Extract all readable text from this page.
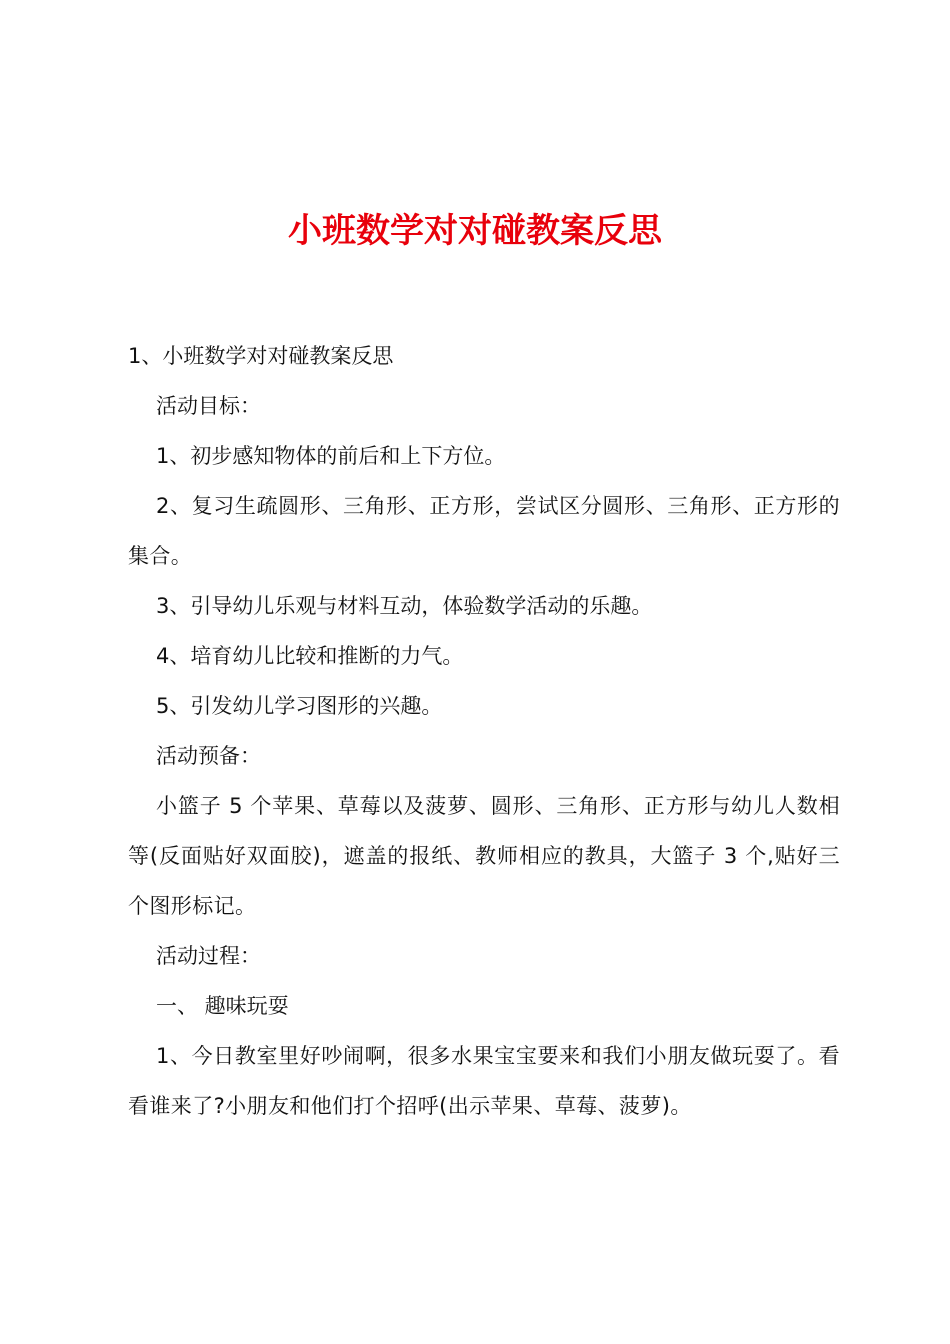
小班数学对对碰教案反思

1、小班数学对对碰教案反思

活动目标：

1、初步感知物体的前后和上下方位。

2、复习生疏圆形、三角形、正方形，尝试区分圆形、三角形、正方形的集合。

3、引导幼儿乐观与材料互动，体验数学活动的乐趣。

4、培育幼儿比较和推断的力气。

5、引发幼儿学习图形的兴趣。

活动预备：

小篮子 5 个苹果、草莓以及菠萝、圆形、三角形、正方形与幼儿人数相等(反面贴好双面胶)，遮盖的报纸、教师相应的教具，大篮子 3 个,贴好三个图形标记。

活动过程：

一、 趣味玩耍

1、今日教室里好吵闹啊，很多水果宝宝要来和我们小朋友做玩耍了。看看谁来了?小朋友和他们打个招呼(出示苹果、草莓、菠萝)。
